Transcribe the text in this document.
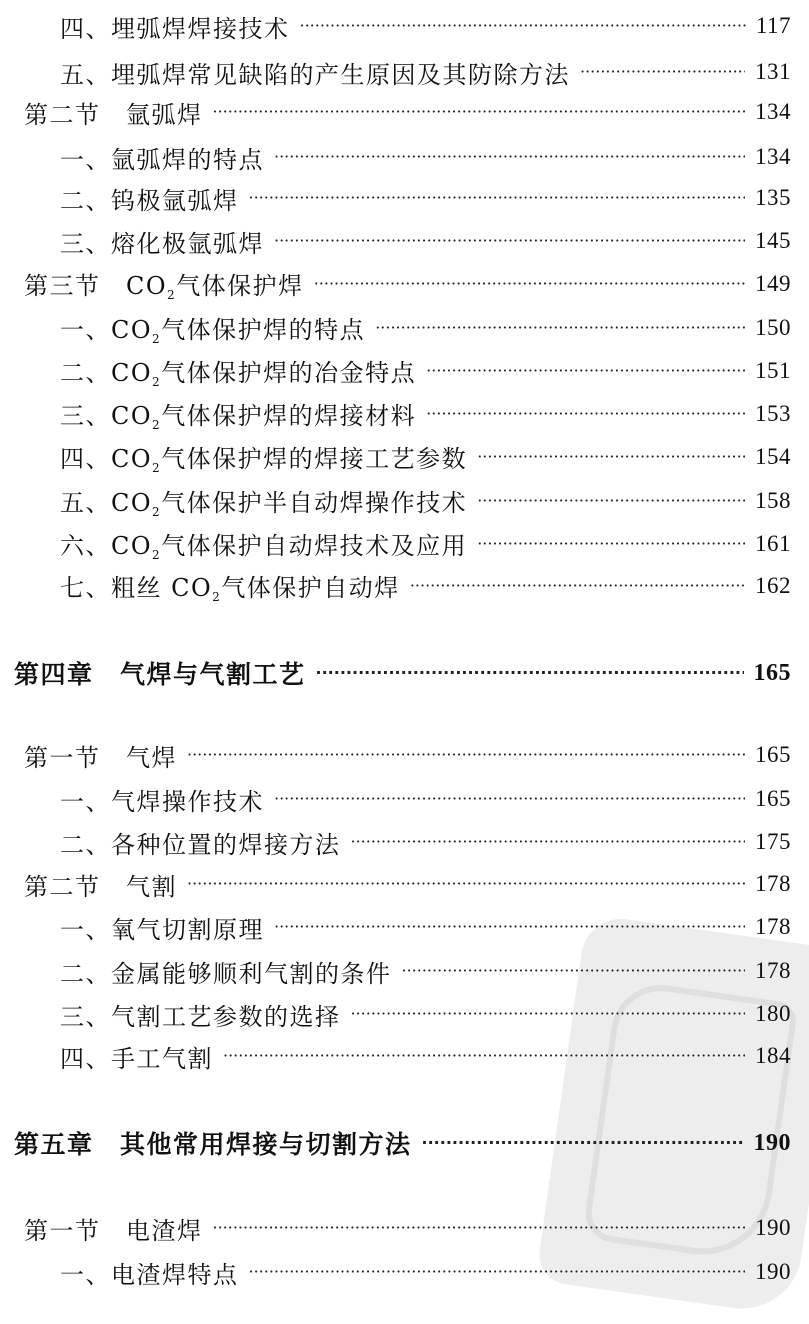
四、埋弧焊焊接技术 ·····	117
五、埋弧焊常见缺陷的产生原因及其防除方法 ·····	131
第二节　氩弧焊 ·····	134
一、氩弧焊的特点 ·····	134
二、钨极氩弧焊 ·····	135
三、熔化极氩弧焊 ·····	145
第三节　$CO_2$气体保护焊 ·····	149
一、$CO_2$气体保护焊的特点 ·····	150
二、$CO_2$气体保护焊的冶金特点 ·····	151
三、$CO_2$气体保护焊的焊接材料 ·····	153
四、$CO_2$气体保护焊的焊接工艺参数 ·····	154
五、$CO_2$气体保护半自动焊操作技术 ·····	158
六、$CO_2$气体保护自动焊技术及应用 ·····	161
七、粗丝 $CO_2$气体保护自动焊 ·····	162
第四章　气焊与气割工艺 ·····	165
第一节　气焊 ·····	165
一、气焊操作技术 ·····	165
二、各种位置的焊接方法 ·····	175
第二节　气割 ·····	178
一、氧气切割原理 ·····	178
二、金属能够顺利气割的条件 ·····	178
三、气割工艺参数的选择 ·····	180
四、手工气割 ·····	184
第五章　其他常用焊接与切割方法 ·····	190
第一节　电渣焊 ·····	190
一、电渣焊特点 ·····	190
